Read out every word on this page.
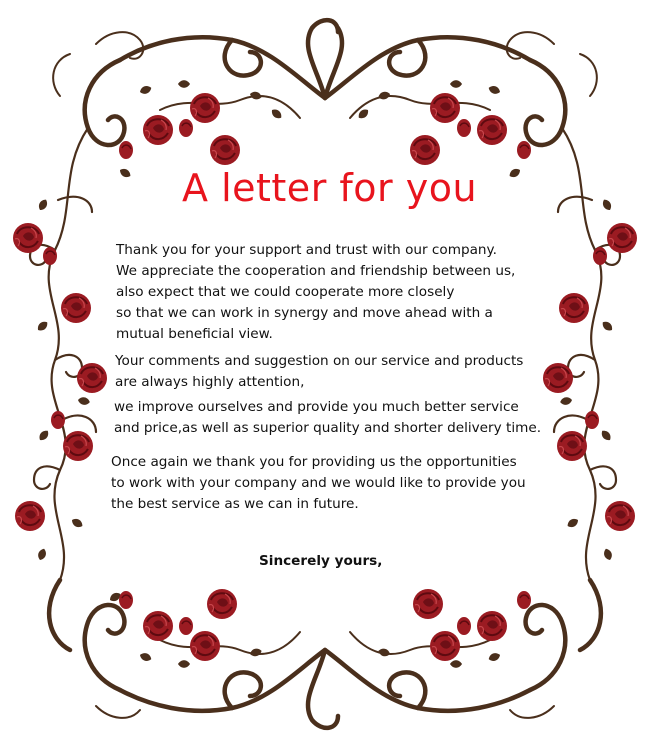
A letter for you

Thank you for your support and trust with our company.
We appreciate the cooperation and friendship between us,
also expect that we could cooperate more closely
so that we can work in synergy and move ahead with a
mutual beneficial view.

Your comments and suggestion on our service and products
are always highly attention,

we improve ourselves and provide you much better service
and price,as well as superior quality and shorter delivery time.

Once again we thank you for providing us the opportunities
to work with your company and we would like to provide you
the best service as we can in future.

Sincerely yours,
